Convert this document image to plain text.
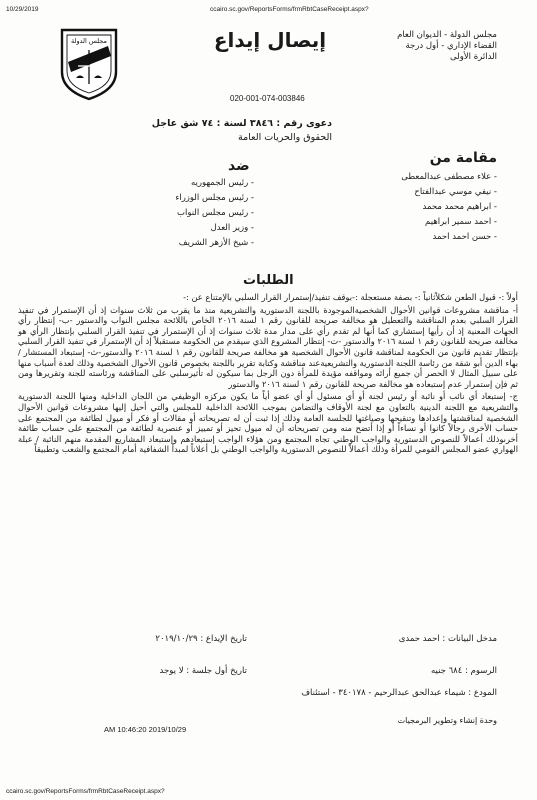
10/29/2019	ccairo.sc.gov/ReportsForms/frmRbtCaseReceipt.aspx?
مجلس الدولة - الديوان العام
القضاء الإداري - أول درجة
الدائرة الأولى
إيصال إيداع
مجلس الدولة
020-001-074-003846
دعوى رقم : ٣٨٤٦ لسنة : ٧٤ شق عاجل
الحقوق والحريات العامة
مقامة من
- علاء مصطفى عبدالمعطى
- نيفي موسي عبدالفتاح
- ابراهيم محمد محمد
- احمد سمير ابراهيم
- حسن احمد احمد
ضد
- رئيس الجمهوريه
- رئيس مجلس الوزراء
- رئيس مجلس النواب
- وزير العدل
- شيخ الأزهر الشريف
الطلبات

أولاً :- قبول الطعن شكلاًثانياً :- بصفة مستعجلة :-بوقف تنفيذ/إستمرار القرار السلبي بالإمتناع عن :-

أ- مناقشة مشروعات قوانين الأحوال الشخصيةالموجودة باللجنة الدستورية والتشريعية منذ ما يقرب من ثلاث سنوات إذ أن الإستمرار في تنفيذ القرار السلبي بعدم المناقشة والتعطيل هو مخالفة صريحة للقانون رقم ١ لسنة ٢٠١٦ الخاص باللائحة مجلس النواب والدستور -ب- إنتظار رأي الجهات المعنية إذ أن رأيها إستشاري كما أنها لم تقدم رأي على مدار مدة ثلاث سنوات إذ أن الإستمرار في تنفيذ القرار السلبي بإنتظار الرأي هو مخالفة صريحة للقانون رقم ١ لسنة ٢٠١٦ والدستور -ت- إنتظار المشروع الذي سيقدم من الحكومة مستقبلاً إذ أن الإستمرار في تنفيذ القرار السلبي بإنتظار تقديم قانون من الحكومة لمناقشة قانون الأحوال الشخصية هو مخالفة صريحة للقانون رقم ١ لسنة ٢٠١٦ والدستور-ث- إستبعاد المستشار / بهاء الدين أبو شقة من رئاسة اللجنة الدستورية والتشريعيةعند مناقشة وكتابة تقرير باللجنة بخصوص قانون الأحوال الشخصية وذلك لعدة أسباب منها على سبيل المثال لا الحصر أن جميع أرائه ومواقفه مؤيدة للمرأة دون الرجل بما سيكون له تأثيرسلبي على المناقشة ورئاسته للجنة وتقريرها ومن ثم فإن إستمرار عدم إستبعاده هو مخالفة صريحة للقانون رقم ١ لسنة ٢٠١٦ والدستور

ج- إستبعاد أي نائب أو نائبة أو رئيس لجنة أو أي مسئول أو أي عضو أياً ما يكون مركزه الوظيفي من اللجان الداخلية ومنها اللجنة الدستورية والتشريعية مع اللجنة الدينية بالتعاون مع لجنة الأوقاف والتضامن بموجب اللائحة الداخلية للمجلس والتي أحيل إليها مشروعات قوانين الأحوال الشخصية لمناقشتها وإعدادها وتنقيحها وصياغتها للجلسة العامة وذلك إذا ثبت أن له تصريحاته أو مقالات أو فكر أو ميول لطائفة من المجتمع على حساب الأخرى رجالاً كانوا أو نساءاً أو إذا أتضح منه ومن تصريحاته أن له ميول تحيز أو تمييز أو عنصرية لطائفة من المجتمع على حساب طائفة أخرىوذلك أعمالاً للنصوص الدستورية والواجب الوطني تجاه المجتمع ومن هؤلاء الواجب إستبعادهم وإستبعاد المشاريع المقدمة منهم النائبة / عبلة الهواري عضو المجلس القومي للمرأة وذلك أعمالاً للنصوص الدستورية والواجب الوطني بل أعلاناً لمبدأ الشفافية أمام المجتمع والشعب وتطبيقاً

مدخل البيانات : احمد حمدى
تاريخ الإيداع : ٢٠١٩/١٠/٢٩
الرسوم : ٦٨٤ جنيه
تاريخ أول جلسة : لا يوجد
المودع : شيماء عبدالحق عبدالرحيم - ٣٤٠١٧٨ - استئناف
وحدة إنشاء وتطوير البرمجيات
AM 10:46:20 2019/10/29
ccairo.sc.gov/ReportsForms/frmRbtCaseReceipt.aspx?
